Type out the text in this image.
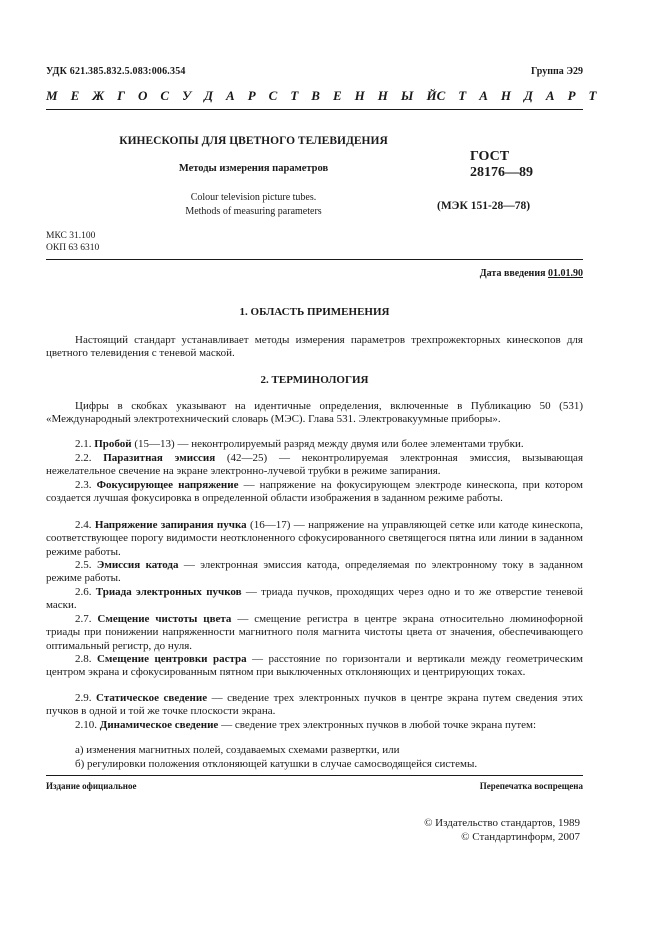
УДК 621.385.832.5.083:006.354	Группа Э29
М Е Ж Г О С У Д А Р С Т В Е Н Н Ы Й С Т А Н Д А Р Т
КИНЕСКОПЫ ДЛЯ ЦВЕТНОГО ТЕЛЕВИДЕНИЯ
Методы измерения параметров
Colour television picture tubes.
Methods of measuring parameters
ГОСТ
28176—89
(МЭК 151-28—78)
МКС 31.100
ОКП 63 6310
Дата введения 01.01.90
1. ОБЛАСТЬ ПРИМЕНЕНИЯ

Настоящий стандарт устанавливает методы измерения параметров трехпрожекторных кинескопов для цветного телевидения с теневой маской.

2. ТЕРМИНОЛОГИЯ

Цифры в скобках указывают на идентичные определения, включенные в Публикацию 50 (531) «Международный электротехнический словарь (МЭС). Глава 531. Электровакуумные приборы».

2.1. Пробой (15—13) — неконтролируемый разряд между двумя или более элементами трубки.

2.2. Паразитная эмиссия (42—25) — неконтролируемая электронная эмиссия, вызывающая нежелательное свечение на экране электронно-лучевой трубки в режиме запирания.

2.3. Фокусирующее напряжение — напряжение на фокусирующем электроде кинескопа, при котором создается лучшая фокусировка в определенной области изображения в заданном режиме работы.

2.4. Напряжение запирания пучка (16—17) — напряжение на управляющей сетке или катоде кинескопа, соответствующее порогу видимости неотклоненного сфокусированного светящегося пятна или линии в заданном режиме работы.

2.5. Эмиссия катода — электронная эмиссия катода, определяемая по электронному току в заданном режиме работы.

2.6. Триада электронных пучков — триада пучков, проходящих через одно и то же отверстие теневой маски.

2.7. Смещение чистоты цвета — смещение регистра в центре экрана относительно люминофорной триады при понижении напряженности магнитного поля магнита чистоты цвета от значения, обеспечивающего оптимальный регистр, до нуля.

2.8. Смещение центровки растра — расстояние по горизонтали и вертикали между геометрическим центром экрана и сфокусированным пятном при выключенных отклоняющих и центрирующих токах.

2.9. Статическое сведение — сведение трех электронных пучков в центре экрана путем сведения этих пучков в одной и той же точке плоскости экрана.

2.10. Динамическое сведение — сведение трех электронных пучков в любой точке экрана путем:

а) изменения магнитных полей, создаваемых схемами развертки, или
б) регулировки положения отклоняющей катушки в случае самосводящейся системы.
Издание официальное	Перепечатка воспрещена
© Издательство стандартов, 1989
© Стандартинформ, 2007
